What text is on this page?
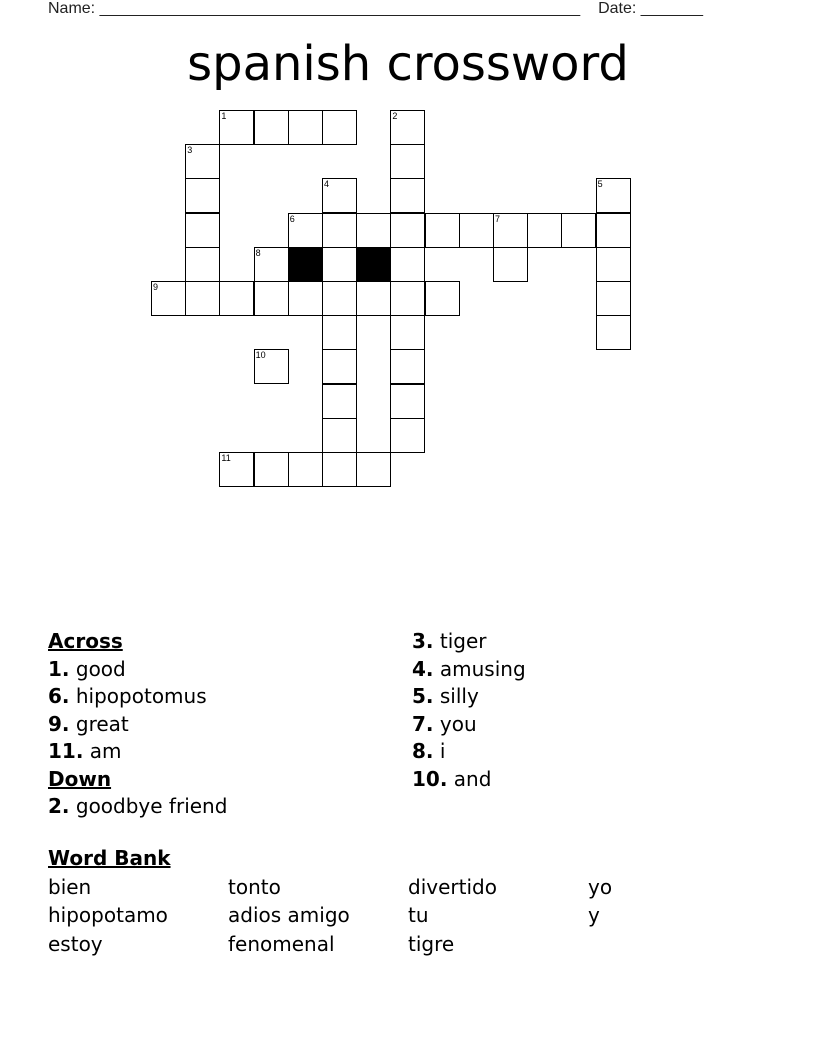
Name: ______________________________________________________ Date: _______
spanish crossword
1	2
3
4	5
6	7
8
9
10
11
Across
1. good
6. hipopotomus
9. great
11. am
Down
2. goodbye friend
3. tiger
4. amusing
5. silly
7. you
8. i
10. and
Word Bank
bien	tonto	divertido	yo
hipopotamo	adios amigo	tu	y
estoy	fenomenal	tigre
